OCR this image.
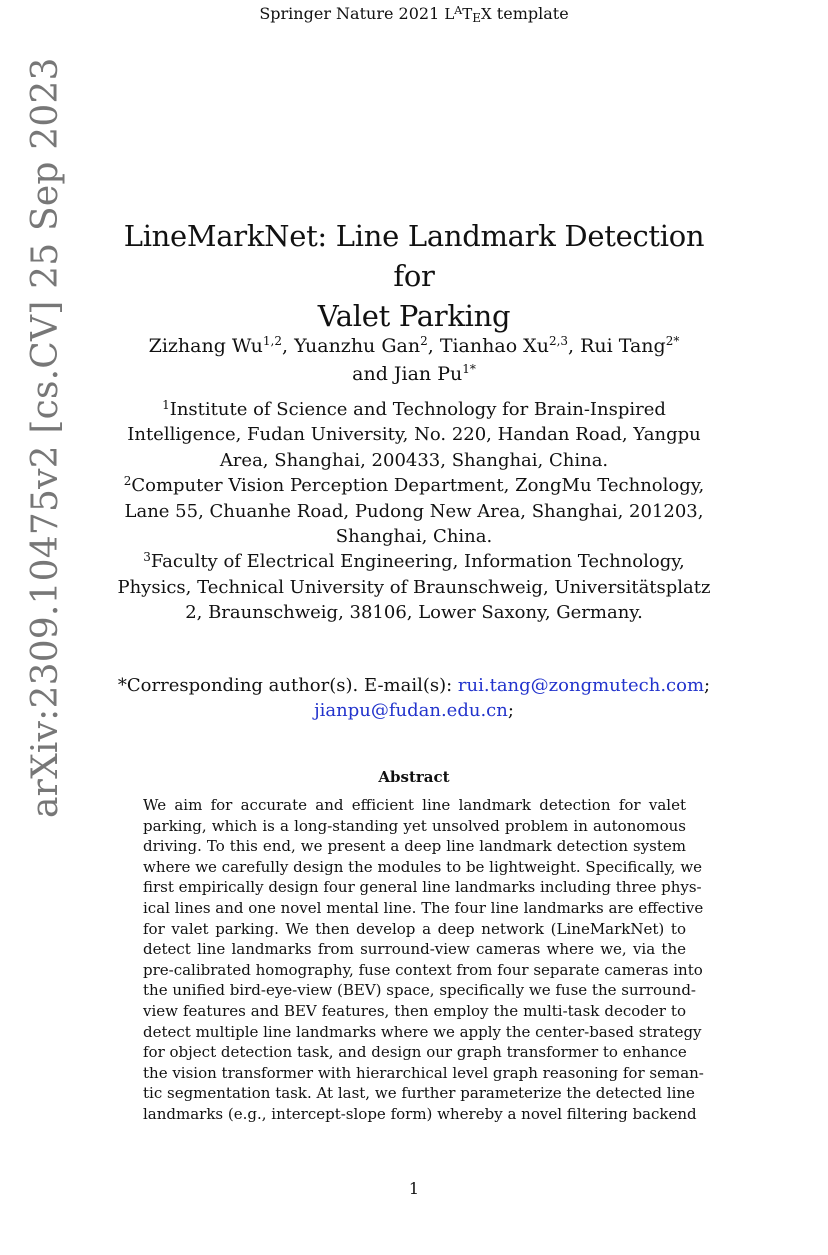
Springer Nature 2021 $L^AT_EX$ template
arXiv:2309.10475v2 [cs.CV] 25 Sep 2023	LineMarkNet: Line Landmark Detection for
Valet Parking
Zizhang Wu$^{1,2}$, Yuanzhu Gan$^2$, Tianhao Xu$^{2,3}$, Rui Tang$^{2*}$
and Jian $Pu^{1*}$
$^1$Institute of Science and Technology for Brain-Inspired
Intelligence, Fudan University, No. 220, Handan Road, Yangpu
Area, Shanghai, 200433, Shanghai, China.
$^2$Computer Vision Perception Department, ZongMu Technology,
Lane 55, Chuanhe Road, Pudong New Area, Shanghai, 201203,
Shanghai, China.
$^3$Faculty of Electrical Engineering, Information Technology,
Physics, Technical University of Braunschweig, Universitätsplatz
2, Braunschweig, 38106, Lower Saxony, Germany.
*Corresponding author(s). E-mail(s): rui.tang@zongmutech.com;
jianpu@fudan.edu.cn;
Abstract
We aim for accurate and efficient line landmark detection for valet
parking, which is a long-standing yet unsolved problem in autonomous
driving. To this end, we present a deep line landmark detection system
where we carefully design the modules to be lightweight. Specifically, we
first empirically design four general line landmarks including three phys-
ical lines and one novel mental line. The four line landmarks are effective
for valet parking. We then develop a deep network (LineMarkNet) to
detect line landmarks from surround-view cameras where we, via the
pre-calibrated homography, fuse context from four separate cameras into
the unified bird-eye-view (BEV) space, specifically we fuse the surround-
view features and BEV features, then employ the multi-task decoder to
detect multiple line landmarks where we apply the center-based strategy
for object detection task, and design our graph transformer to enhance
the vision transformer with hierarchical level graph reasoning for seman-
tic segmentation task. At last, we further parameterize the detected line
landmarks (e.g., intercept-slope form) whereby a novel filtering backend
1
